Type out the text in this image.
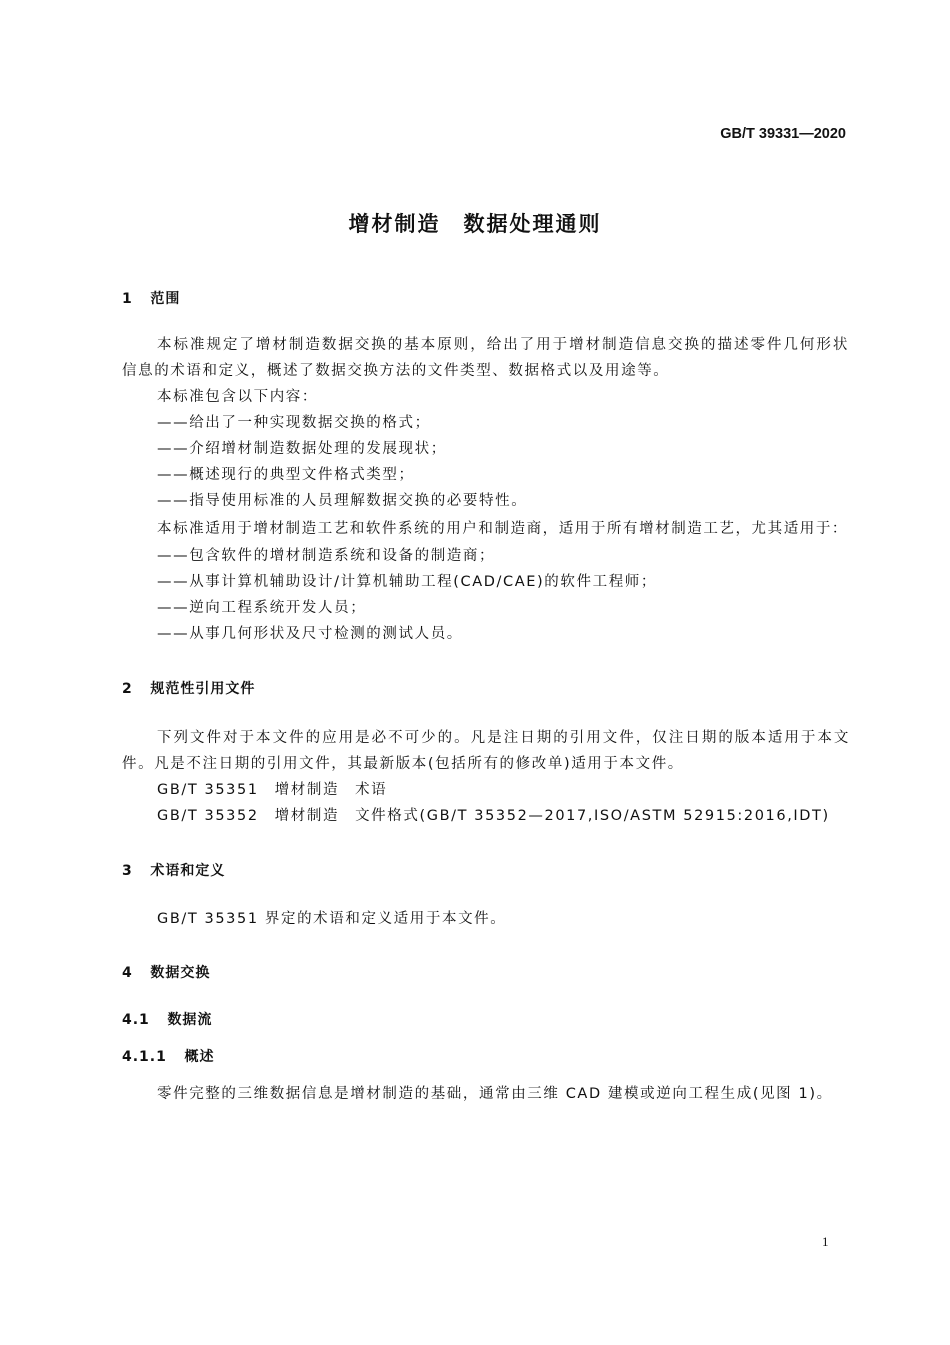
GB/T 39331—2020
增材制造　数据处理通则
1 范围
本标准规定了增材制造数据交换的基本原则，给出了用于增材制造信息交换的描述零件几何形状
信息的术语和定义，概述了数据交换方法的文件类型、数据格式以及用途等。
本标准包含以下内容：
——给出了一种实现数据交换的格式；
——介绍增材制造数据处理的发展现状；
——概述现行的典型文件格式类型；
——指导使用标准的人员理解数据交换的必要特性。
本标准适用于增材制造工艺和软件系统的用户和制造商，适用于所有增材制造工艺，尤其适用于：
——包含软件的增材制造系统和设备的制造商；
——从事计算机辅助设计/计算机辅助工程(CAD/CAE)的软件工程师；
——逆向工程系统开发人员；
——从事几何形状及尺寸检测的测试人员。
2 规范性引用文件
下列文件对于本文件的应用是必不可少的。凡是注日期的引用文件，仅注日期的版本适用于本文
件。凡是不注日期的引用文件，其最新版本(包括所有的修改单)适用于本文件。
GB/T 35351 增材制造 术语
GB/T 35352 增材制造 文件格式(GB/T 35352—2017,ISO/ASTM 52915:2016,IDT)
3 术语和定义
GB/T 35351 界定的术语和定义适用于本文件。
4 数据交换
4.1 数据流
4.1.1 概述
零件完整的三维数据信息是增材制造的基础，通常由三维 CAD 建模或逆向工程生成(见图 1)。
1
